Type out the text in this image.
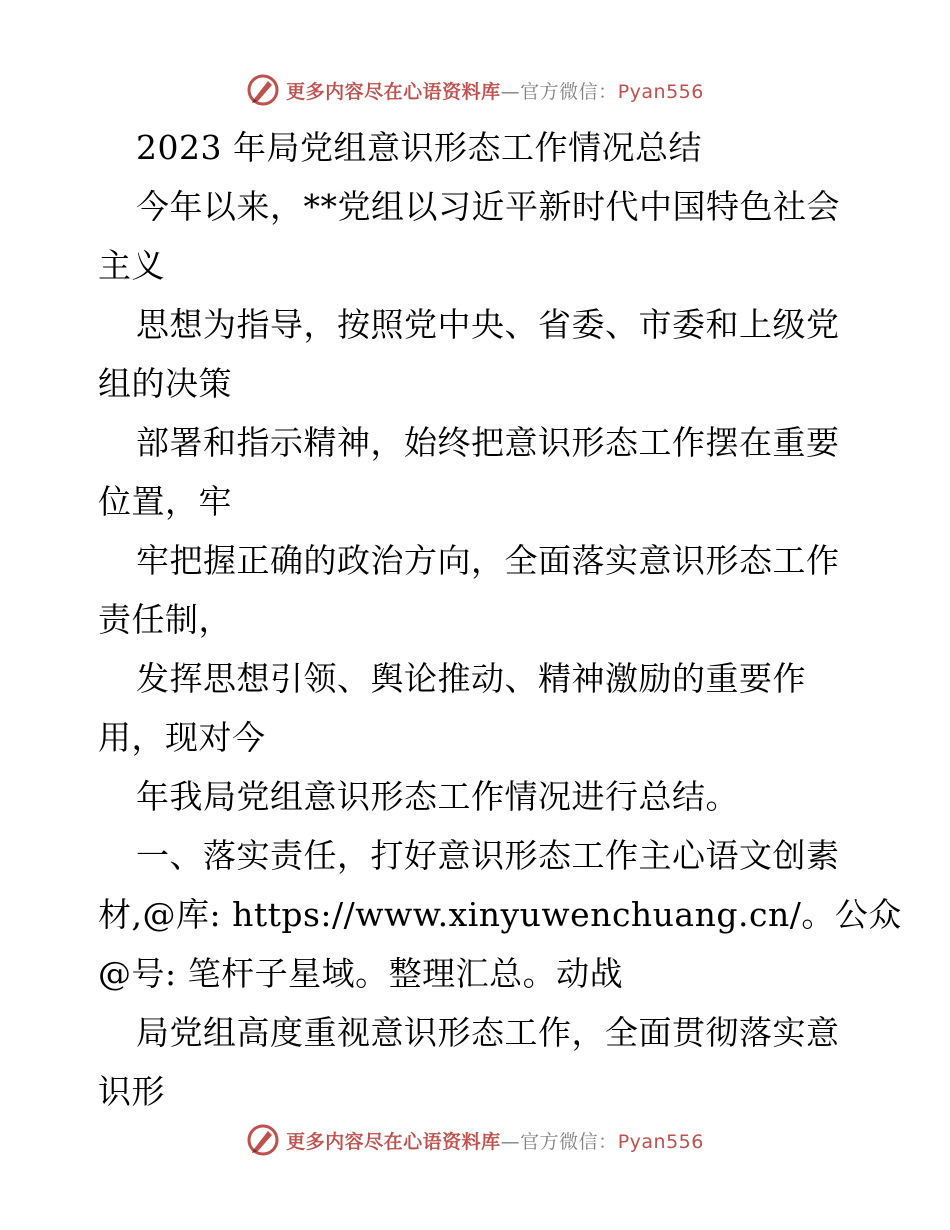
更多内容尽在心语资料库—官方微信：Pyan556
2023 年局党组意识形态工作情况总结
今年以来，**党组以习近平新时代中国特色社会
主义
思想为指导，按照党中央、省委、市委和上级党
组的决策
部署和指示精神，始终把意识形态工作摆在重要
位置，牢
牢把握正确的政治方向，全面落实意识形态工作
责任制，
发挥思想引领、舆论推动、精神激励的重要作
用，现对今
年我局党组意识形态工作情况进行总结。
一、落实责任，打好意识形态工作主心语文创素
材,@库: https://www.xinyuwenchuang.cn/。公众
@号: 笔杆子星域。整理汇总。动战
局党组高度重视意识形态工作，全面贯彻落实意
识形
更多内容尽在心语资料库—官方微信：Pyan556
